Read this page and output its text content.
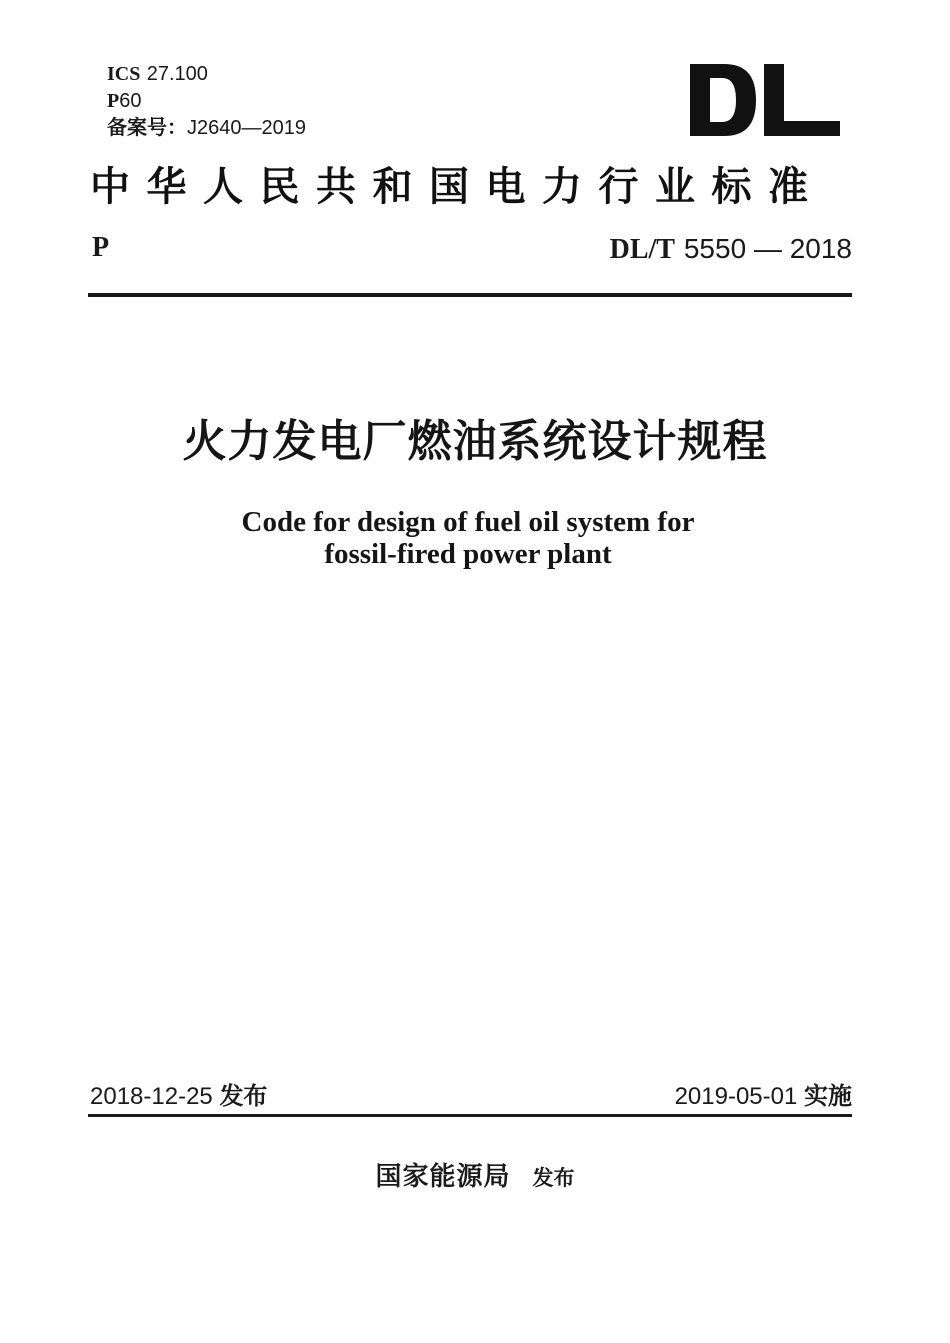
ICS 27.100
P60
备案号：J2640—2019
中华人民共和国电力行业标准
P	DL/T 5550 — 2018
火力发电厂燃油系统设计规程
Code for design of fuel oil system for
fossil-fired power plant
2018-12-25 发布	2019-05-01 实施
国家能源局 发布
